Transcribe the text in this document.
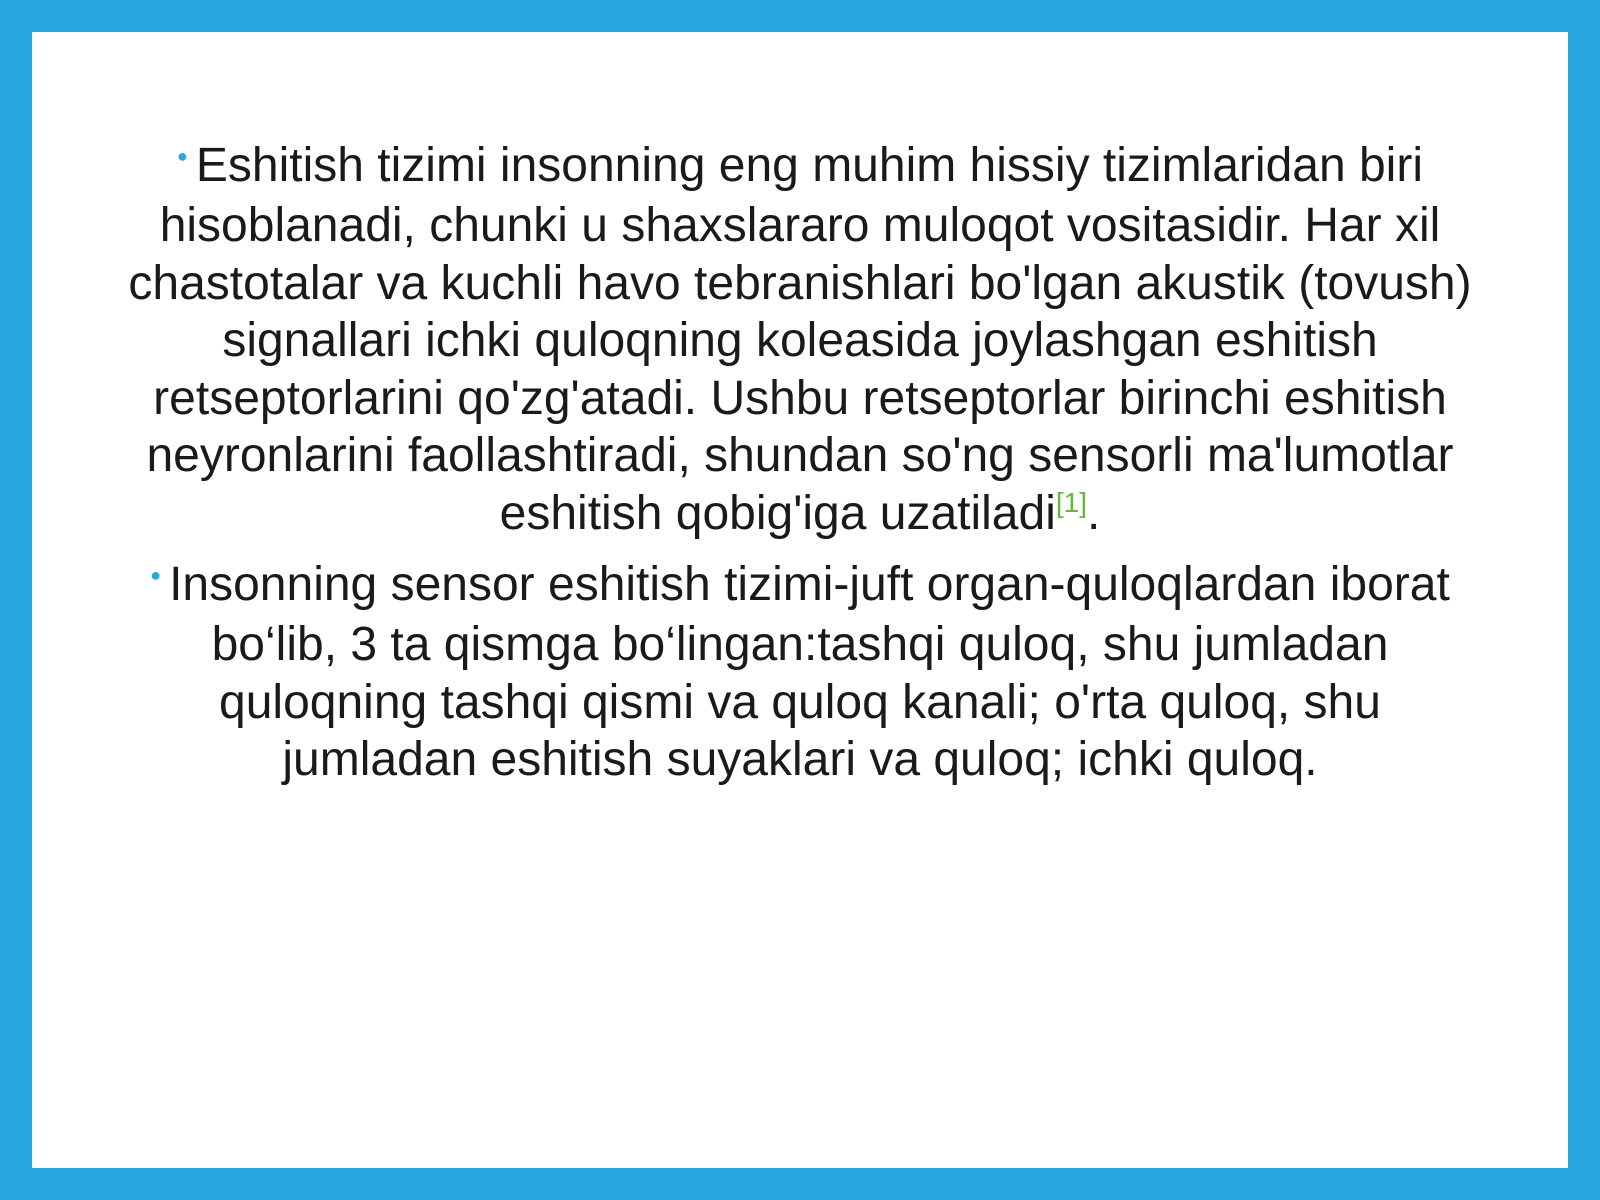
● Eshitish tizimi insonning eng muhim hissiy tizimlaridan biri hisoblanadi, chunki u shaxslararo muloqot vositasidir. Har xil chastotalar va kuchli havo tebranishlari bo'lgan akustik (tovush) signallari ichki quloqning koleasida joylashgan eshitish retseptorlarini qo'zg'atadi. Ushbu retseptorlar birinchi eshitish neyronlarini faollashtiradi, shundan so'ng sensorli ma'lumotlar eshitish qobig'iga uzatiladi[1].

● Insonning sensor eshitish tizimi-juft organ-quloqlardan iborat bo‘lib, 3 ta qismga bo‘lingan:tashqi quloq, shu jumladan quloqning tashqi qismi va quloq kanali; o'rta quloq, shu jumladan eshitish suyaklari va quloq; ichki quloq.
